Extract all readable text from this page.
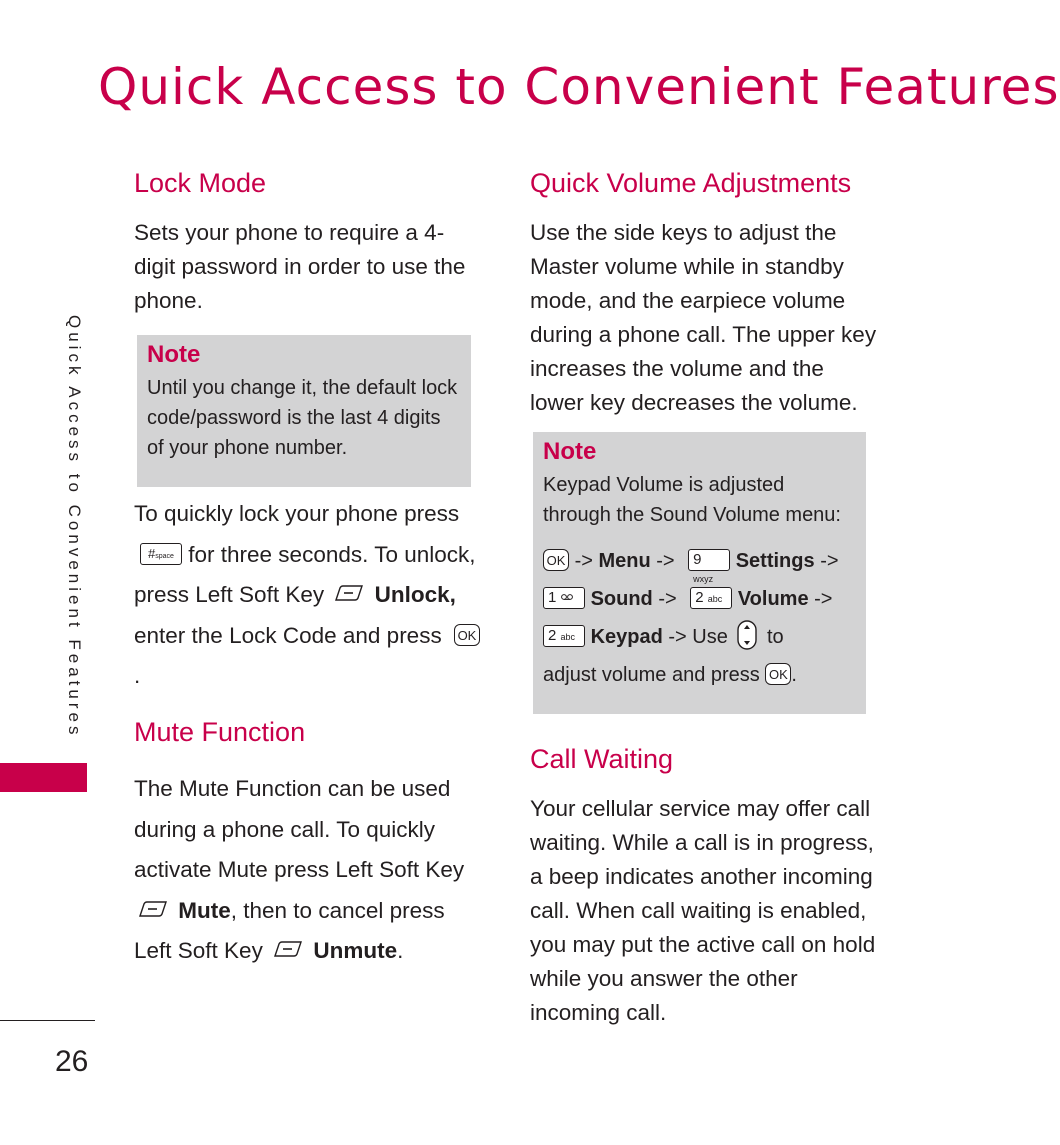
Quick Access to Convenient Features
Quick Access to Convenient Features
26
Lock Mode
Sets your phone to require a 4-digit password in order to use the phone.
Note
Until you change it, the default lock code/password is the last 4 digits of your phone number.
To quickly lock your phone press #space for three seconds. To unlock, press Left Soft Key Unlock, enter the Lock Code and press OK .
Mute Function
The Mute Function can be used during a phone call. To quickly activate Mute press Left Soft Key  Mute, then to cancel press Left Soft Key Unmute.
Quick Volume Adjustments
Use the side keys to adjust the Master volume while in standby mode, and the earpiece volume during a phone call. The upper key increases the volume and the lower key decreases the volume.
Note
Keypad Volume is adjusted through the Sound Volume menu:
OK -> Menu -> 9 wxyz Settings ->
1 Sound -> 2 abc Volume ->
2 abc Keypad -> Use to
adjust volume and press OK .
Call Waiting
Your cellular service may offer call waiting. While a call is in progress, a beep indicates another incoming call. When call waiting is enabled, you may put the active call on hold while you answer the other incoming call.
